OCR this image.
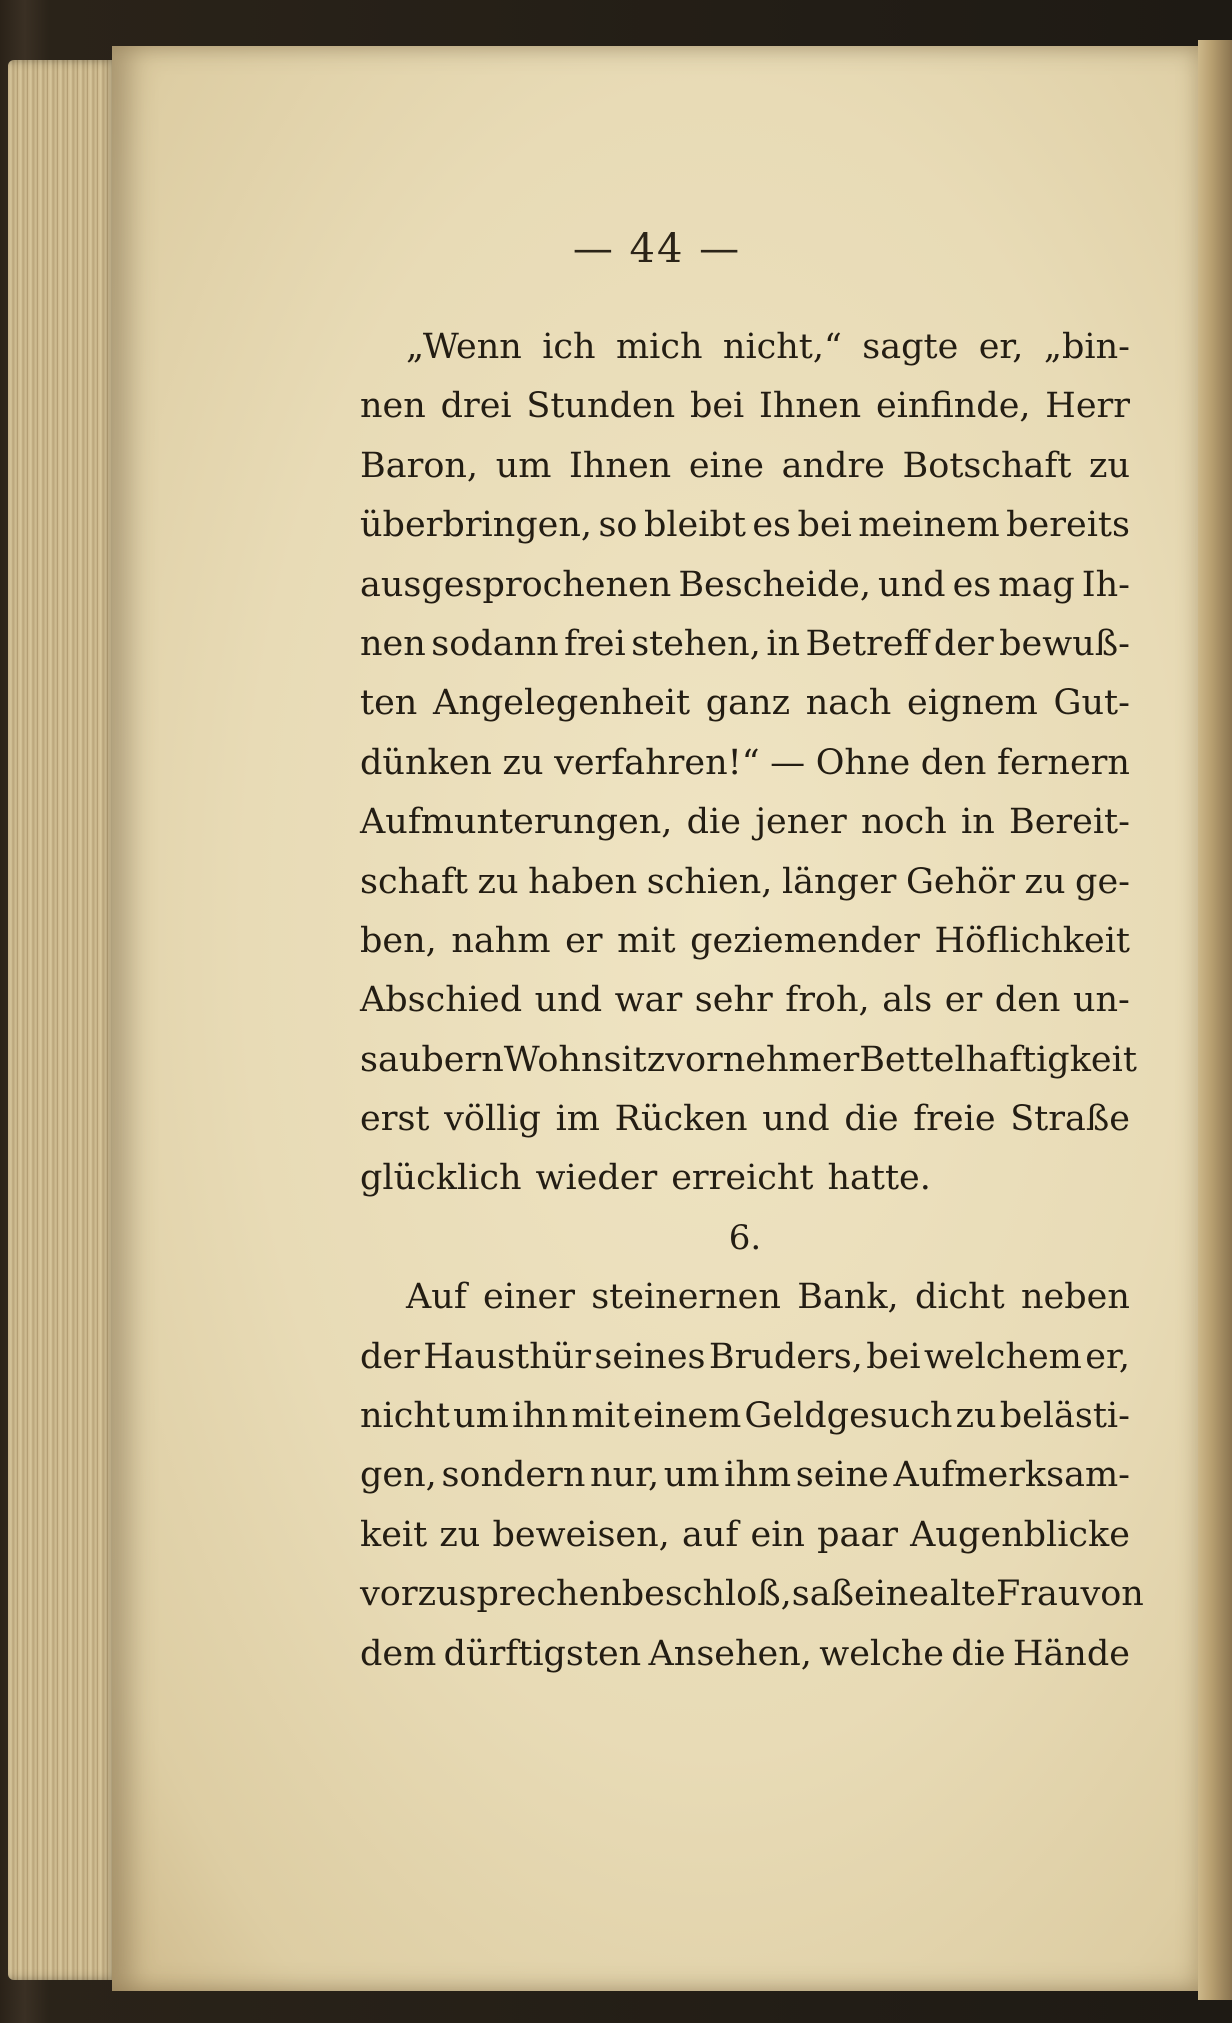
— 44 —
„Wenn ich mich nicht,“ sagte er, „bin-
nen drei Stunden bei Ihnen einfinde, Herr
Baron, um Ihnen eine andre Botschaft zu
überbringen, so bleibt es bei meinem bereits
ausgesprochenen Bescheide, und es mag Ih-
nen sodann frei stehen, in Betreff der bewuß-
ten Angelegenheit ganz nach eignem Gut-
dünken zu verfahren!“ — Ohne den fernern
Aufmunterungen, die jener noch in Bereit-
schaft zu haben schien, länger Gehör zu ge-
ben, nahm er mit geziemender Höflichkeit
Abschied und war sehr froh, als er den un-
saubern Wohnsitz vornehmer Bettelhaftigkeit
erst völlig im Rücken und die freie Straße
glücklich wieder erreicht hatte.
6.
Auf einer steinernen Bank, dicht neben
der Hausthür seines Bruders, bei welchem er,
nicht um ihn mit einem Geldgesuch zu belästi-
gen, sondern nur, um ihm seine Aufmerksam-
keit zu beweisen, auf ein paar Augenblicke
vorzusprechen beschloß, saß eine alte Frau von
dem dürftigsten Ansehen, welche die Hände
